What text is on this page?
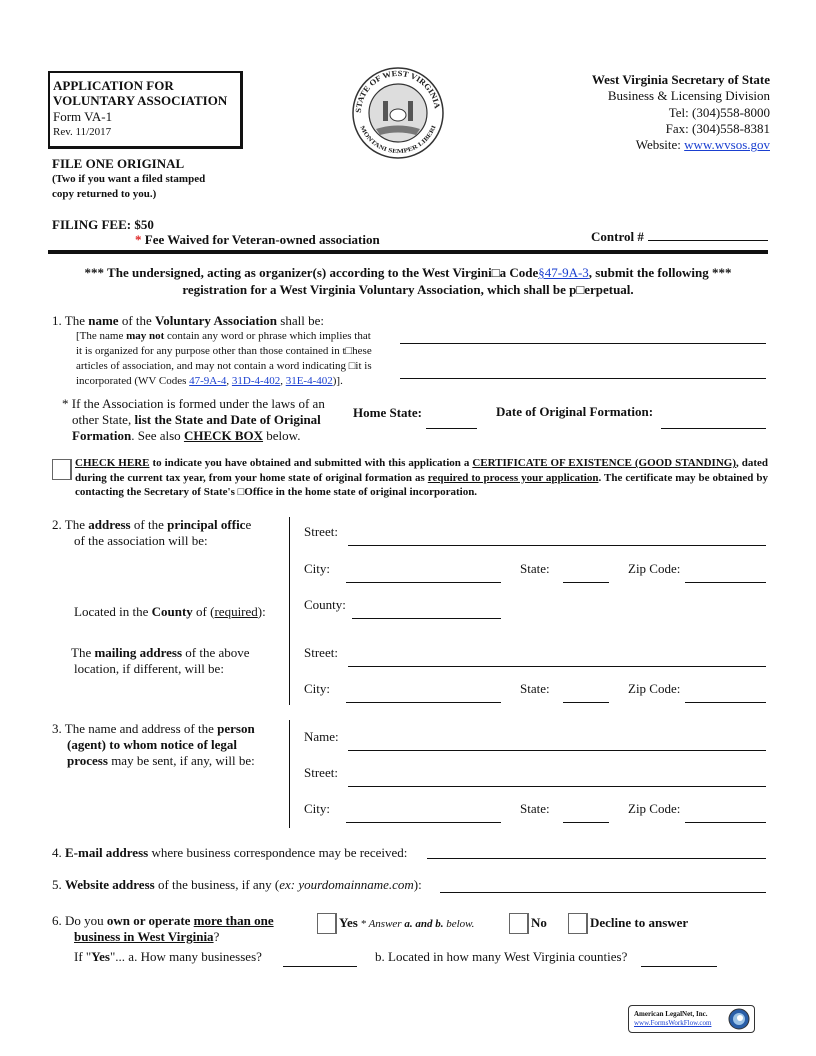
APPLICATION FOR
VOLUNTARY ASSOCIATION
Form VA-1
Rev. 11/2017
STATE OF WEST VIRGINIA
MONTANI SEMPER LIBERI
West Virginia Secretary of State
Business & Licensing Division
Tel: (304)558-8000
Fax: (304)558-8381
Website: www.wvsos.gov
FILE ONE ORIGINAL
(Two if you want a filed stamped
copy returned to you.)
FILING FEE: $50
* Fee Waived for Veteran-owned association	Control #
*** The undersigned, acting as organizer(s) according to the West Virgini□a Code§47-9A-3, submit the following ***
registration for a West Virginia Voluntary Association, which shall be p□erpetual.
1. The name of the Voluntary Association shall be:
[The name may not contain any word or phrase which implies that
it is organized for any purpose other than those contained in t□hese
articles of association, and may not contain a word indicating □it is
incorporated (WV Codes 47-9A-4, 31D-4-402, 31E-4-402)].
* If the Association is formed under the laws of an
other State, list the State and Date of Original
Formation. See also CHECK BOX below.
Home State:	Date of Original Formation:
CHECK HERE to indicate you have obtained and submitted with this application a CERTIFICATE OF EXISTENCE (GOOD STANDING), dated during the current tax year, from your home state of original formation as required to process your application. The certificate may be obtained by contacting the Secretary of State's □Office in the home state of original incorporation.
2. The address of the principal office
of the association will be:
Located in the County of (required):
The mailing address of the above
location, if different, will be:
Street:
City:	State:	Zip Code:
County:
Street:
City:	State:	Zip Code:
3. The name and address of the person
(agent) to whom notice of legal
process may be sent, if any, will be:
Name:
Street:
City:	State:	Zip Code:
4. E-mail address where business correspondence may be received:
5. Website address of the business, if any (ex: yourdomainname.com):
6. Do you own or operate more than one
business in West Virginia?
Yes * Answer a. and b. below.	No	Decline to answer
If "Yes"... a. How many businesses?	b. Located in how many West Virginia counties?
American LegalNet, Inc.
www.FormsWorkFlow.com
